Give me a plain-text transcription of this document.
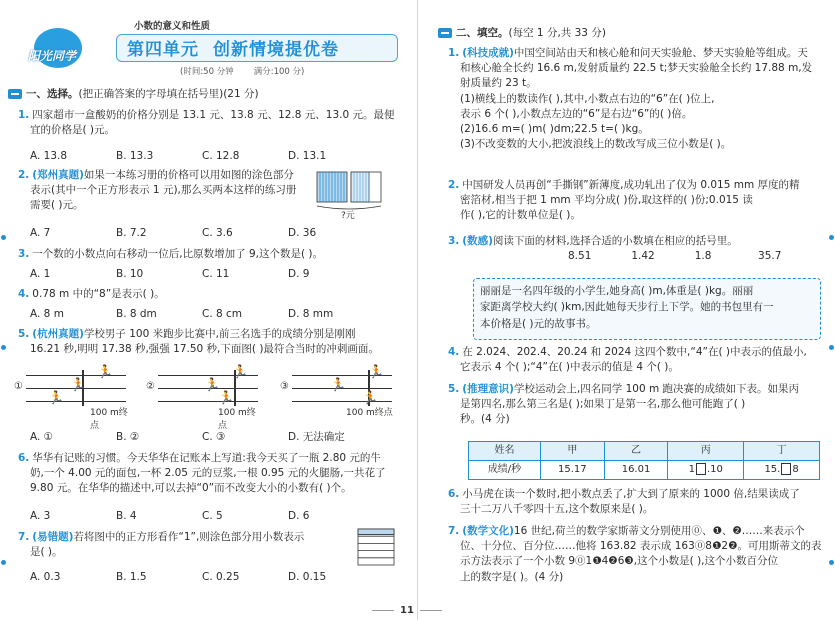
阳光同学
小数的意义和性质
第四单元 创新情境提优卷
(时间:50 分钟 满分:100 分)
一、选择。(把正确答案的字母填在括号里)(21 分)
1. 四家超市一盒酸奶的价格分别是 13.1 元、13.8 元、12.8 元、13.0 元。最便
宜的价格是( )元。
A. 13.8	B. 13.3	C. 12.8	D. 13.1
2. (郑州真题)如果一本练习册的价格可以用如图的涂色部分
表示(其中一个正方形表示 1 元),那么买两本这样的练习册
需要( )元。
?元
A. 7	B. 7.2	C. 3.6	D. 36
3. 一个数的小数点向右移动一位后,比原数增加了 9,这个数是( )。
A. 1	B. 10	C. 11	D. 9
4. 0.78 m 中的“8”是表示( )。
A. 8 m	B. 8 dm	C. 8 cm	D. 8 mm
5. (杭州真题)学校男子 100 米跑步比赛中,前三名选手的成绩分别是刚刚
16.21 秒,明明 17.38 秒,强强 17.50 秒,下面图( )最符合当时的冲刺画面。
①
🏃
🏃
🏃
100 m终点
②
🏃
🏃
🏃
100 m终点
③
🏃
🏃
🏃
100 m终点
A. ①	B. ②	C. ③	D. 无法确定
6. 华华有记账的习惯。今天华华在记账本上写道:我今天买了一瓶 2.80 元的牛
奶,一个 4.00 元的面包,一杯 2.05 元的豆浆,一根 0.95 元的火腿肠,一共花了
9.80 元。在华华的描述中,可以去掉“0”而不改变大小的小数有( )个。
A. 3	B. 4	C. 5	D. 6
7. (易错题)若将图中的正方形看作“1”,则涂色部分用小数表示
是( )。
A. 0.3	B. 1.5	C. 0.25	D. 0.15
二、填空。(每空 1 分,共 33 分)
1. (科技成就)中国空间站由天和核心舱和问天实验舱、梦天实验舱等组成。天
和核心舱全长约 16.6 m,发射质量约 22.5 t;梦天实验舱全长约 17.88 m,发
射质量约 23 t。
(1)横线上的数读作( ),其中,小数点右边的“6”在( )位上,
表示 6 个( ),小数点左边的“6”是右边“6”的( )倍。
(2)16.6 m=( )m( )dm;22.5 t=( )kg。
(3)不改变数的大小,把波浪线上的数改写成三位小数是( )。
2. 中国研发人员再创“手撕钢”新薄度,成功轧出了仅为 0.015 mm 厚度的精
密箔材,相当于把 1 mm 平均分成( )份,取这样的( )份;0.015 读
作( ),它的计数单位是( )。
3. (数感)阅读下面的材料,选择合适的小数填在相应的括号里。
8.51	1.42	1.8	35.7
丽丽是一名四年级的小学生,她身高( )m,体重是( )kg。丽丽
家距离学校大约( )km,因此她每天步行上下学。她的书包里有一
本价格是( )元的故事书。
4. 在 2.024、202.4、20.24 和 2024 这四个数中,“4”在( )中表示的值最小,
它表示 4 个( );“4”在( )中表示的值是 4 个( )。
5. (推理意识)学校运动会上,四名同学 100 m 跑决赛的成绩如下表。如果丙
是第四名,那么第三名是( );如果丁是第一名,那么他可能跑了( )
秒。(4 分)
姓名	甲	乙	丙	丁
成绩/秒	15.17	16.01	1 .10	15. 8
6. 小马虎在读一个数时,把小数点丢了,扩大到了原来的 1000 倍,结果读成了
三十二万八千零四十五,这个数原来是( )。
7. (数学文化)16 世纪,荷兰的数学家斯蒂文分别使用⓪、❶、❷……来表示个
位、十分位、百分位……他将 163.82 表示成 163⓪8❶2❷。可用斯蒂文的表
示方法表示了一个小数 9⓪1❶4❷6❸,这个小数是( ),这个小数百分位
上的数字是( )。(4 分)
11
